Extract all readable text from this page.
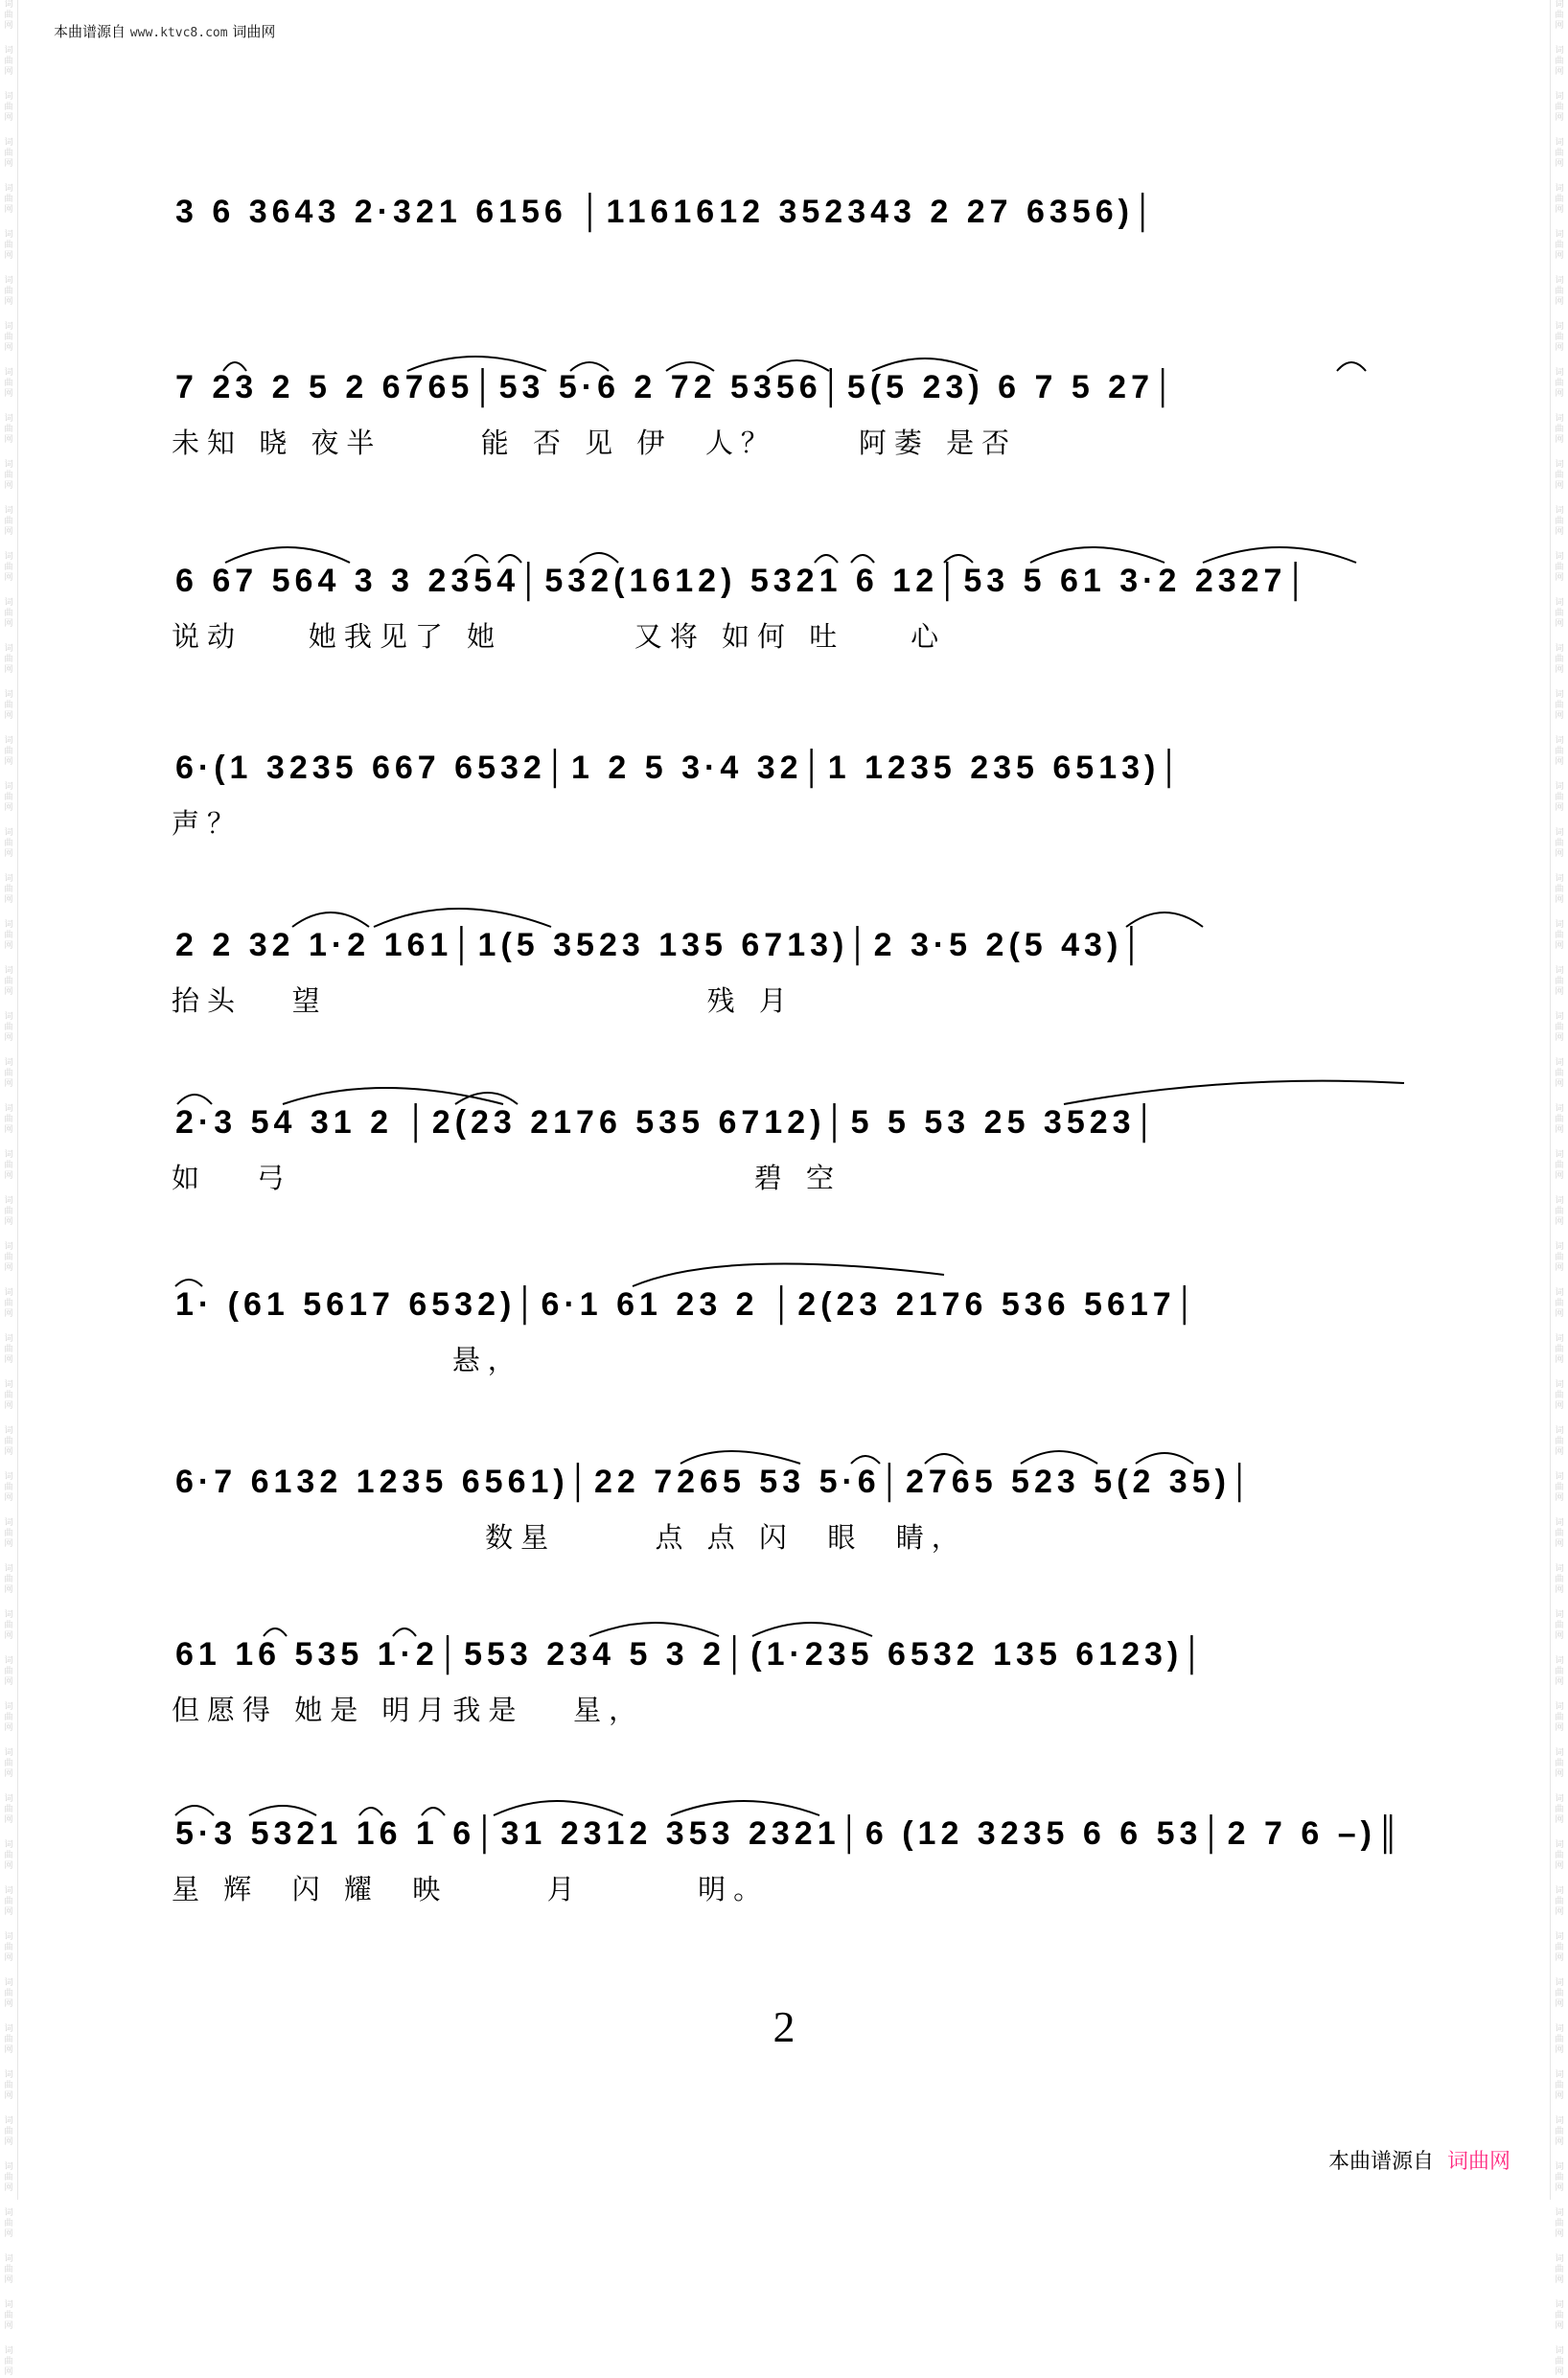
词
曲
网
词
曲
网
词
曲
网
词
曲
网
词
曲
网
词
曲
网
词
曲
网
词
曲
网
词
曲
网
词
曲
网
词
曲
网
词
曲
网
词
曲
网
词
曲
网
词
曲
网
词
曲
网
词
曲
网
词
曲
网
词
曲
网
词
曲
网
词
曲
网
词
曲
网
词
曲
网
词
曲
网
词
曲
网
词
曲
网
词
曲
网
词
曲
网
词
曲
网
词
曲
网
词
曲
网
词
曲
网
词
曲
网
词
曲
网
词
曲
网
词
曲
网
词
曲
网
词
曲
网
词
曲
网
词
曲
网
词
曲
网
词
曲
网
词
曲
网
词
曲
网
词
曲
网
词
曲
网
词
曲
网
词
曲
网
词
曲
网
词
曲
网
词
曲
网
词
曲
网
词
曲
网
词
曲
网
词
曲
网
词
曲
网
词
曲
网
词
曲
网
词
曲
网
词
曲
网
词
曲
网
词
曲
网
词
曲
网
词
曲
网
词
曲
网
词
曲
网
词
曲
网
词
曲
网
词
曲
网
词
曲
网
词
曲
网
词
曲
网
词
曲
网
词
曲
网
词
曲
网
词
曲
网
词
曲
网
词
曲
网
词
曲
网
词
曲
网
词
曲
网
词
曲
网
词
曲
网
词
曲
网
词
曲
网
词
曲
网
词
曲
网
词
曲
网
词
曲
网
词
曲
网
词
曲
网
词
曲
网
词
曲
网
词
曲
网
词
曲
网
词
曲
网
词
曲
网
词
曲
网
词
曲
网
词
曲
网
词
曲
网
词
曲
网
词
曲
网
词
曲
网
本曲谱源自 www.ktvc8.com 词曲网
3 6 3643 2·321 6156 │1161612 352343 2 27 6356)│
7 23 2 5 2 6765│53 5·6 2 72 5356│5(5 23) 6 7 5 27│
未知 晓 夜半      能 否 见 伊  人？     阿萎 是否
6 67 564 3 3 2354│532(1612) 5321 6 12│53 5 61 3·2 2327│
说动    她我见了 她        又将 如何 吐    心
6·(1 3235 667 6532│1 2 5 3·4 32│1 1235 235 6513)│
声？
2 2 32 1·2 161│1(5 3523 135 6713)│2 3·5 2(5 43)│
抬头   望                       残 月
2·3 54 31 2 │2(23 2176 535 6712)│5 5 53 25 3523│
如   弓                            碧 空
1· (61 5617 6532)│6·1 61 23 2 │2(23 2176 536 5617│
悬，
6·7 6132 1235 6561)│22 7265 53 5·6│2765 523 5(2 35)│
数星      点 点 闪  眼  睛，
61 16 535 1·2│553 234 5 3 2│(1·235 6532 135 6123)│
但愿得 她是 明月我是   星，
5·3 5321 16 1 6│31 2312 353 2321│6 (12 3235 6 6 53│2 7 6 –)║
星 辉  闪 耀  映      月       明。
2
本曲谱源自 词曲网
